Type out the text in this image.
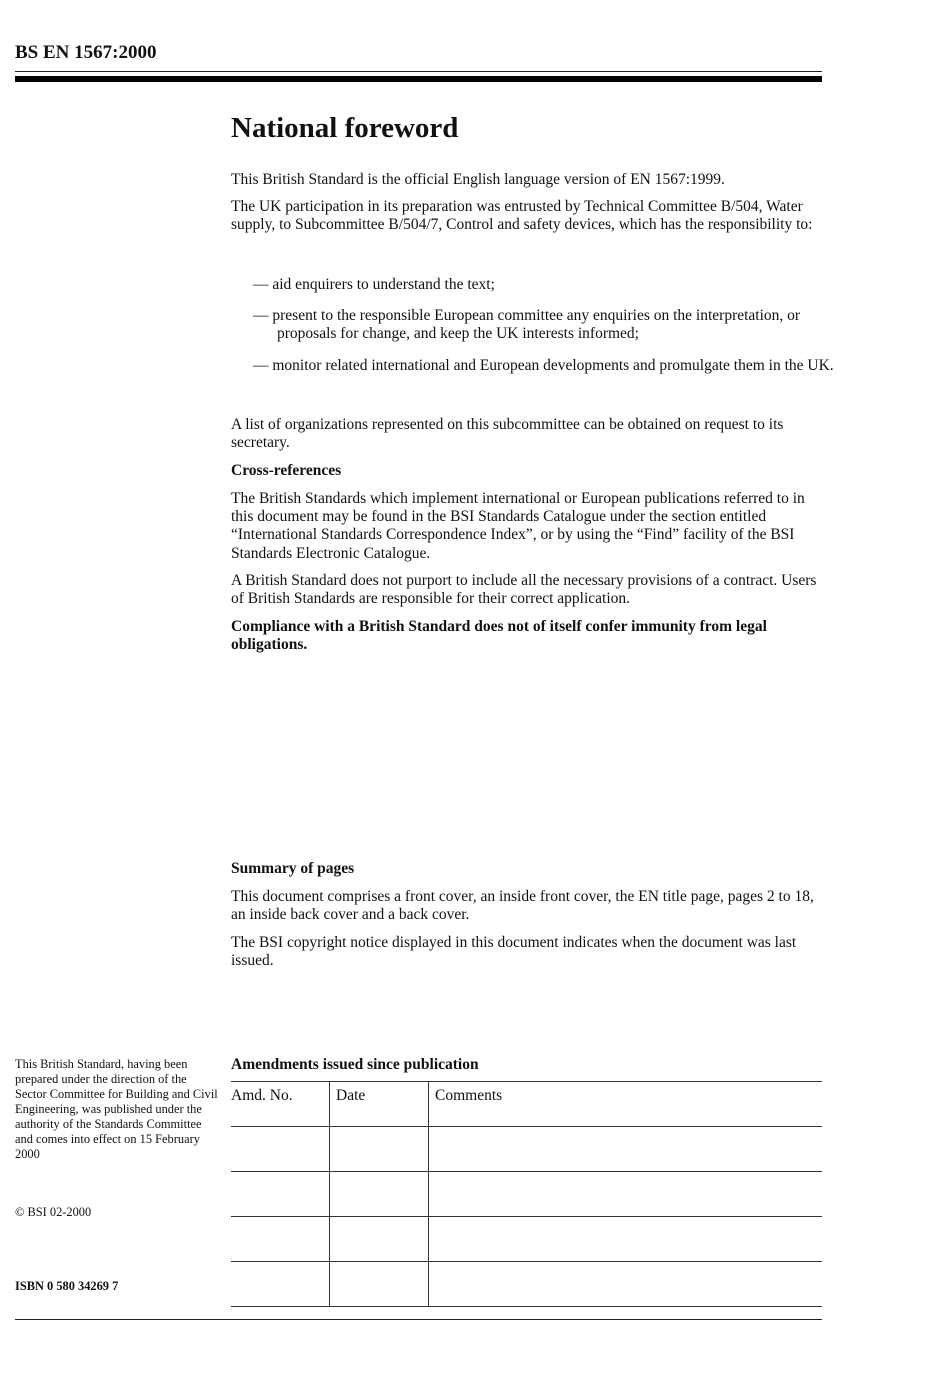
BS EN 1567:2000
National foreword
This British Standard is the official English language version of EN 1567:1999.
The UK participation in its preparation was entrusted by Technical Committee B/504, Water supply, to Subcommittee B/504/7, Control and safety devices, which has the responsibility to:
— aid enquirers to understand the text;
— present to the responsible European committee any enquiries on the interpretation, or proposals for change, and keep the UK interests informed;
— monitor related international and European developments and promulgate them in the UK.
A list of organizations represented on this subcommittee can be obtained on request to its secretary.
Cross-references
The British Standards which implement international or European publications referred to in this document may be found in the BSI Standards Catalogue under the section entitled “International Standards Correspondence Index”, or by using the “Find” facility of the BSI Standards Electronic Catalogue.
A British Standard does not purport to include all the necessary provisions of a contract. Users of British Standards are responsible for their correct application.
Compliance with a British Standard does not of itself confer immunity from legal obligations.
Summary of pages
This document comprises a front cover, an inside front cover, the EN title page, pages 2 to 18, an inside back cover and a back cover.
The BSI copyright notice displayed in this document indicates when the document was last issued.
This British Standard, having been prepared under the direction of the Sector Committee for Building and Civil Engineering, was published under the authority of the Standards Committee and comes into effect on 15 February 2000
© BSI 02-2000
ISBN 0 580 34269 7
Amendments issued since publication
Amd. No.	Date	Comments
